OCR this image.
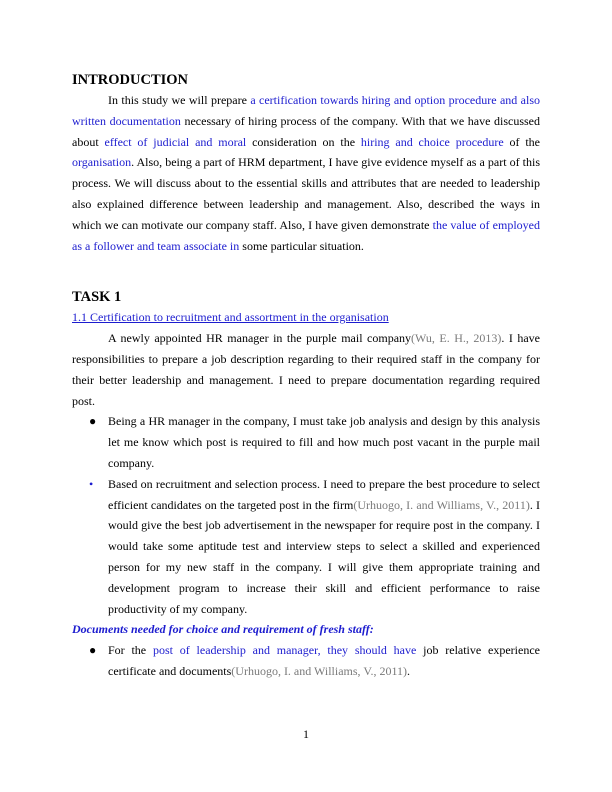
INTRODUCTION

In this study we will prepare a certification towards hiring and option procedure and also written documentation necessary of hiring process of the company. With that we have discussed about effect of judicial and moral consideration on the hiring and choice procedure of the organisation. Also, being a part of HRM department, I have give evidence myself as a part of this process. We will discuss about to the essential skills and attributes that are needed to leadership also explained difference between leadership and management. Also, described the ways in which we can motivate our company staff. Also, I have given demonstrate the value of employed as a follower and team associate in some particular situation.

TASK 1
1.1 Certification to recruitment and assortment in the organisation

A newly appointed HR manager in the purple mail company(Wu, E. H., 2013). I have responsibilities to prepare a job description regarding to their required staff in the company for their better leadership and management. I need to prepare documentation regarding required post.

● Being a HR manager in the company, I must take job analysis and design by this analysis let me know which post is required to fill and how much post vacant in the purple mail company.
• Based on recruitment and selection process. I need to prepare the best procedure to select efficient candidates on the targeted post in the firm(Urhuogo, I. and Williams, V., 2011). I would give the best job advertisement in the newspaper for require post in the company. I would take some aptitude test and interview steps to select a skilled and experienced person for my new staff in the company. I will give them appropriate training and development program to increase their skill and efficient performance to raise productivity of my company.
Documents needed for choice and requirement of fresh staff:
● For the post of leadership and manager, they should have job relative experience certificate and documents(Urhuogo, I. and Williams, V., 2011).
1
